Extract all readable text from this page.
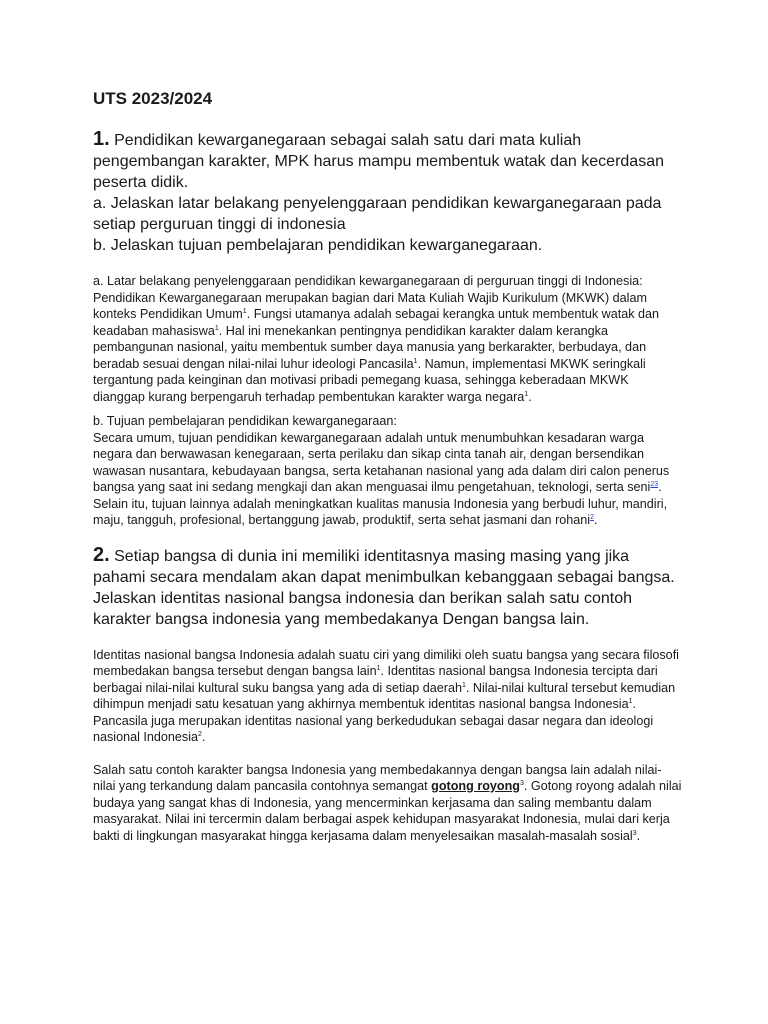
UTS 2023/2024
1. Pendidikan kewarganegaraan sebagai salah satu dari mata kuliah pengembangan karakter, MPK harus mampu membentuk watak dan kecerdasan peserta didik.
a. Jelaskan latar belakang penyelenggaraan pendidikan kewarganegaraan pada setiap perguruan tinggi di indonesia
b. Jelaskan tujuan pembelajaran pendidikan kewarganegaraan.
a. Latar belakang penyelenggaraan pendidikan kewarganegaraan di perguruan tinggi di Indonesia: Pendidikan Kewarganegaraan merupakan bagian dari Mata Kuliah Wajib Kurikulum (MKWK) dalam konteks Pendidikan Umum$^1$. Fungsi utamanya adalah sebagai kerangka untuk membentuk watak dan keadaban mahasiswa$^1$. Hal ini menekankan pentingnya pendidikan karakter dalam kerangka pembangunan nasional, yaitu membentuk sumber daya manusia yang berkarakter, berbudaya, dan beradab sesuai dengan nilai-nilai luhur ideologi Pancasila$^1$. Namun, implementasi MKWK seringkali tergantung pada keinginan dan motivasi pribadi pemegang kuasa, sehingga keberadaan MKWK dianggap kurang berpengaruh terhadap pembentukan karakter warga negara$^1$.
b. Tujuan pembelajaran pendidikan kewarganegaraan:
Secara umum, tujuan pendidikan kewarganegaraan adalah untuk menumbuhkan kesadaran warga negara dan berwawasan kenegaraan, serta perilaku dan sikap cinta tanah air, dengan bersendikan wawasan nusantara, kebudayaan bangsa, serta ketahanan nasional yang ada dalam diri calon penerus bangsa yang saat ini sedang mengkaji dan akan menguasai ilmu pengetahuan, teknologi, serta seni$^{23}$. Selain itu, tujuan lainnya adalah meningkatkan kualitas manusia Indonesia yang berbudi luhur, mandiri, maju, tangguh, profesional, bertanggung jawab, produktif, serta sehat jasmani dan rohani$^2$.
2. Setiap bangsa di dunia ini memiliki identitasnya masing masing yang jika pahami secara mendalam akan dapat menimbulkan kebanggaan sebagai bangsa. Jelaskan identitas nasional bangsa indonesia dan berikan salah satu contoh karakter bangsa indonesia yang membedakanya Dengan bangsa lain.
Identitas nasional bangsa Indonesia adalah suatu ciri yang dimiliki oleh suatu bangsa yang secara filosofi membedakan bangsa tersebut dengan bangsa lain$^1$. Identitas nasional bangsa Indonesia tercipta dari berbagai nilai-nilai kultural suku bangsa yang ada di setiap daerah$^1$. Nilai-nilai kultural tersebut kemudian dihimpun menjadi satu kesatuan yang akhirnya membentuk identitas nasional bangsa Indonesia$^1$. Pancasila juga merupakan identitas nasional yang berkedudukan sebagai dasar negara dan ideologi nasional Indonesia$^2$.
Salah satu contoh karakter bangsa Indonesia yang membedakannya dengan bangsa lain adalah nilai-nilai yang terkandung dalam pancasila contohnya semangat gotong royong$^3$. Gotong royong adalah nilai budaya yang sangat khas di Indonesia, yang mencerminkan kerjasama dan saling membantu dalam masyarakat. Nilai ini tercermin dalam berbagai aspek kehidupan masyarakat Indonesia, mulai dari kerja bakti di lingkungan masyarakat hingga kerjasama dalam menyelesaikan masalah-masalah sosial$^3$.
